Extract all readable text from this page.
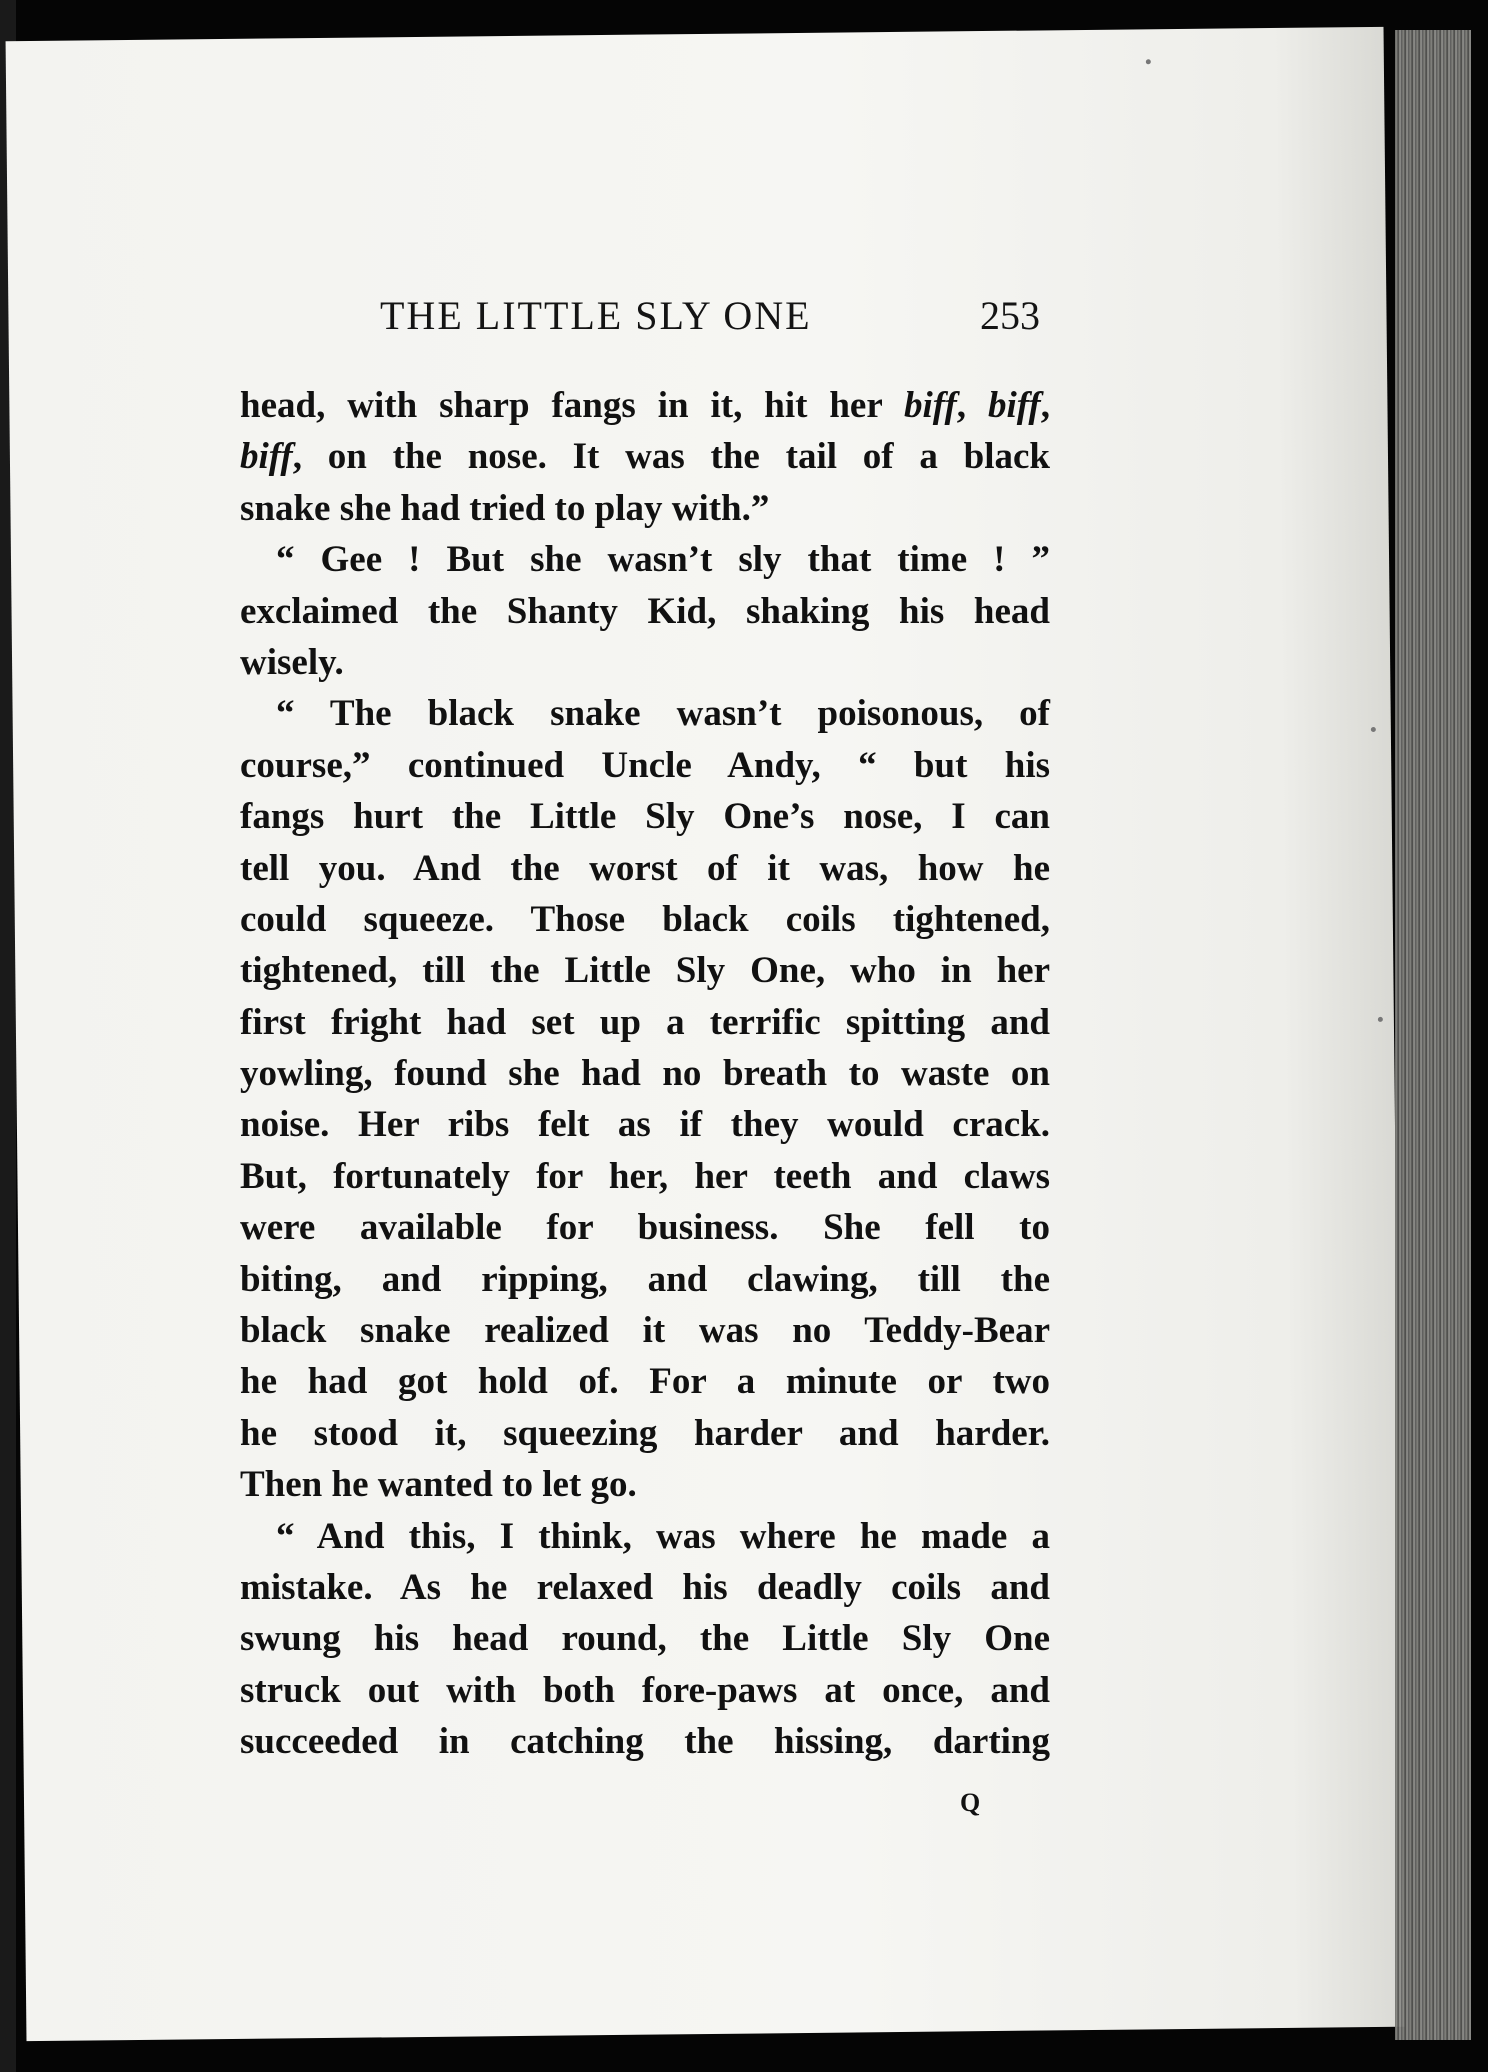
THE LITTLE SLY ONE	253
head, with sharp fangs in it, hit her biff, biff,
biff, on the nose. It was the tail of a black
snake she had tried to play with.”
“ Gee ! But she wasn’t sly that time ! ”
exclaimed the Shanty Kid, shaking his head
wisely.
“ The black snake wasn’t poisonous, of
course,” continued Uncle Andy, “ but his
fangs hurt the Little Sly One’s nose, I can
tell you. And the worst of it was, how he
could squeeze. Those black coils tightened,
tightened, till the Little Sly One, who in her
first fright had set up a terrific spitting and
yowling, found she had no breath to waste on
noise. Her ribs felt as if they would crack.
But, fortunately for her, her teeth and claws
were available for business. She fell to
biting, and ripping, and clawing, till the
black snake realized it was no Teddy-Bear
he had got hold of. For a minute or two
he stood it, squeezing harder and harder.
Then he wanted to let go.
“ And this, I think, was where he made a
mistake. As he relaxed his deadly coils and
swung his head round, the Little Sly One
struck out with both fore-paws at once, and
succeeded in catching the hissing, darting
Q
